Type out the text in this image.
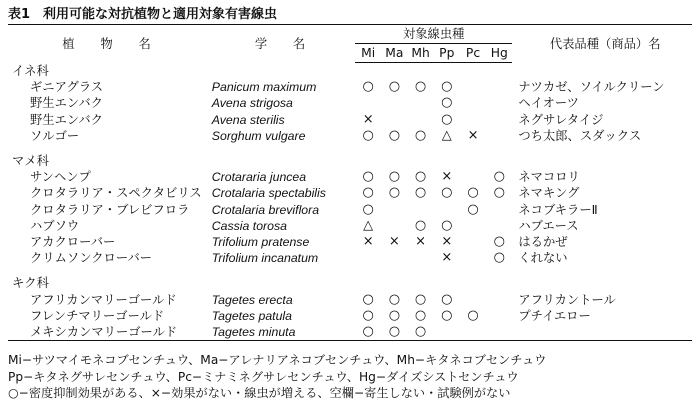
表1　利用可能な対抗植物と適用対象有害線虫
植　物　名	学　名	対象線虫種						代表品種（商品）名
		Mi	Ma	Mh	Pp	Pc	Hg	
イネ科								
ギニアグラス	Panicum maximum	○	○	○	○			ナツカゼ、ソイルクリーン
野生エンバク	Avena strigosa				○			ヘイオーツ
野生エンバク	Avena sterilis	×			○			ネグサレタイジ
ソルゴー	Sorghum vulgare	○	○	○	△	×		つち太郎、スダックス

マメ科								
サンヘンプ	Crotararia juncea	○	○	○	×		○	ネマコロリ
クロタラリア・スペクタビリス	Crotalaria spectabilis	○	○	○	○	○	○	ネマキング
クロタラリア・ブレビフロラ	Crotalaria breviflora	○				○		ネコブキラーⅡ
ハブソウ	Cassia torosa	△		○	○			ハブエース
アカクローバー	Trifolium pratense	×	×	×	×		○	はるかぜ
クリムソンクローバー	Trifolium incanatum				×		○	くれない

キク科								
アフリカンマリーゴールド	Tagetes erecta	○	○	○	○			アフリカントール
フレンチマリーゴールド	Tagetes patula	○	○	○	○	○		プチイエロー
メキシカンマリーゴールド	Tagetes minuta	○	○	○				
Mi−サツマイモネコブセンチュウ、Ma−アレナリアネコブセンチュウ、Mh−キタネコブセンチュウ
Pp−キタネグサレセンチュウ、Pc−ミナミネグサレセンチュウ、Hg−ダイズシストセンチュウ
○−密度抑制効果がある、×−効果がない・線虫が増える、空欄−寄生しない・試験例がない
